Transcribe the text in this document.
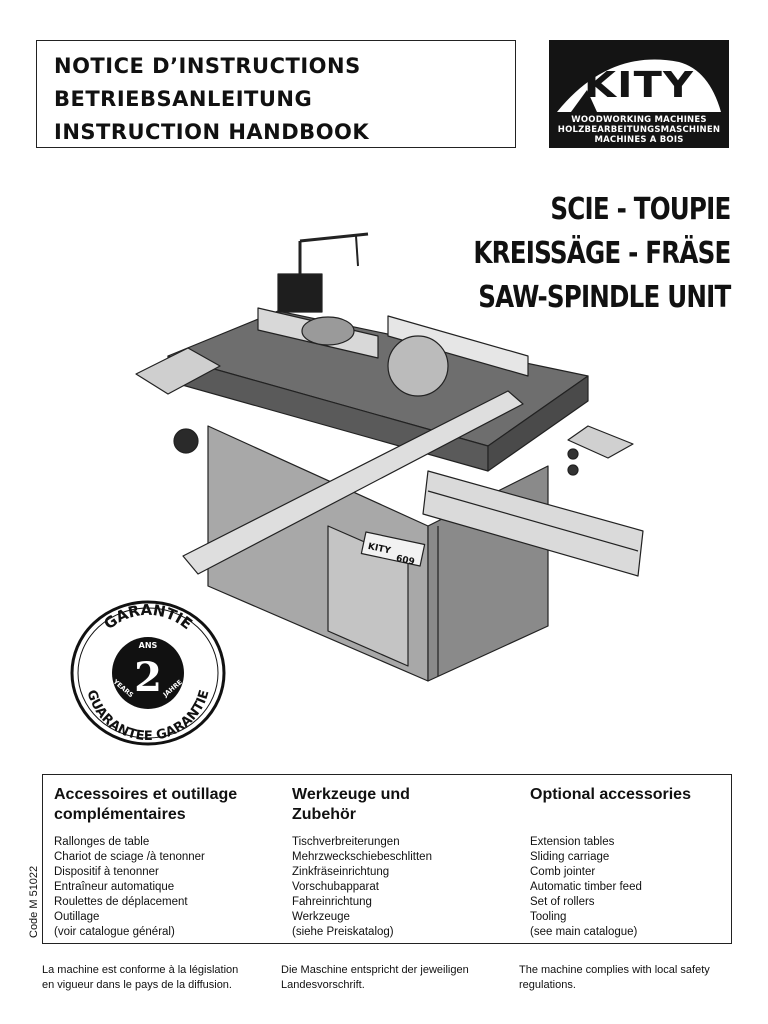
NOTICE D’INSTRUCTIONS
BETRIEBSANLEITUNG
INSTRUCTION HANDBOOK
KITY
WOODWORKING MACHINES
HOLZBEARBEITUNGSMASCHINEN
MACHINES A BOIS
SCIE - TOUPIE
KREISSÄGE - FRÄSE
SAW-SPINDLE UNIT
KITY
609
GARANTIE
GUARANTEE GARANTIE
ANS
2
YEARS	JAHRE
Accessoires et outillage
complémentaires
Rallonges de table
Chariot de sciage /à tenonner
Dispositif à tenonner
Entraîneur automatique
Roulettes de déplacement
Outillage
(voir catalogue général)
Werkzeuge und
Zubehör
Tischverbreiterungen
Mehrzweckschiebeschlitten
Zinkfräseinrichtung
Vorschubapparat
Fahreinrichtung
Werkzeuge
(siehe Preiskatalog)
Optional accessories
Extension tables
Sliding carriage
Comb jointer
Automatic timber feed
Set of rollers
Tooling
(see main catalogue)
Code M 51022
La machine est conforme à la législation
en vigueur dans le pays de la diffusion.
Die Maschine entspricht der jeweiligen
Landesvorschrift.
The machine complies with local safety
regulations.
